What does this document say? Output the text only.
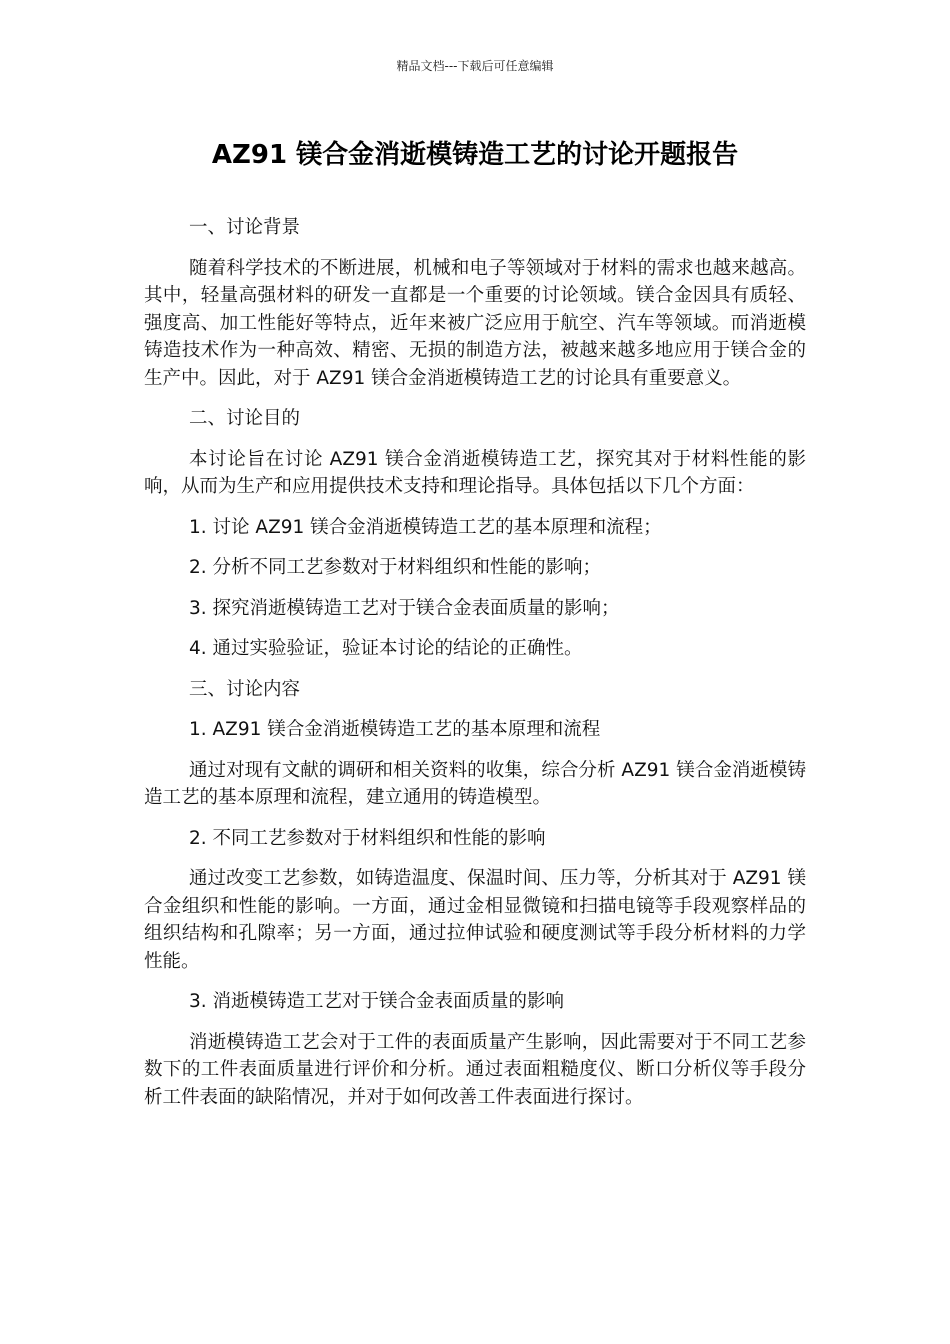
精品文档---下载后可任意编辑
AZ91 镁合金消逝模铸造工艺的讨论开题报告

一、讨论背景

随着科学技术的不断进展，机械和电子等领域对于材料的需求也越来越高。其中，轻量高强材料的研发一直都是一个重要的讨论领域。镁合金因具有质轻、强度高、加工性能好等特点，近年来被广泛应用于航空、汽车等领域。而消逝模铸造技术作为一种高效、精密、无损的制造方法，被越来越多地应用于镁合金的生产中。因此，对于 AZ91 镁合金消逝模铸造工艺的讨论具有重要意义。

二、讨论目的

本讨论旨在讨论 AZ91 镁合金消逝模铸造工艺，探究其对于材料性能的影响，从而为生产和应用提供技术支持和理论指导。具体包括以下几个方面：

1. 讨论 AZ91 镁合金消逝模铸造工艺的基本原理和流程；

2. 分析不同工艺参数对于材料组织和性能的影响；

3. 探究消逝模铸造工艺对于镁合金表面质量的影响；

4. 通过实验验证，验证本讨论的结论的正确性。

三、讨论内容

1. AZ91 镁合金消逝模铸造工艺的基本原理和流程

通过对现有文献的调研和相关资料的收集，综合分析 AZ91 镁合金消逝模铸造工艺的基本原理和流程，建立通用的铸造模型。

2. 不同工艺参数对于材料组织和性能的影响

通过改变工艺参数，如铸造温度、保温时间、压力等，分析其对于 AZ91 镁合金组织和性能的影响。一方面，通过金相显微镜和扫描电镜等手段观察样品的组织结构和孔隙率；另一方面，通过拉伸试验和硬度测试等手段分析材料的力学性能。

3. 消逝模铸造工艺对于镁合金表面质量的影响

消逝模铸造工艺会对于工件的表面质量产生影响，因此需要对于不同工艺参数下的工件表面质量进行评价和分析。通过表面粗糙度仪、断口分析仪等手段分析工件表面的缺陷情况，并对于如何改善工件表面进行探讨。
